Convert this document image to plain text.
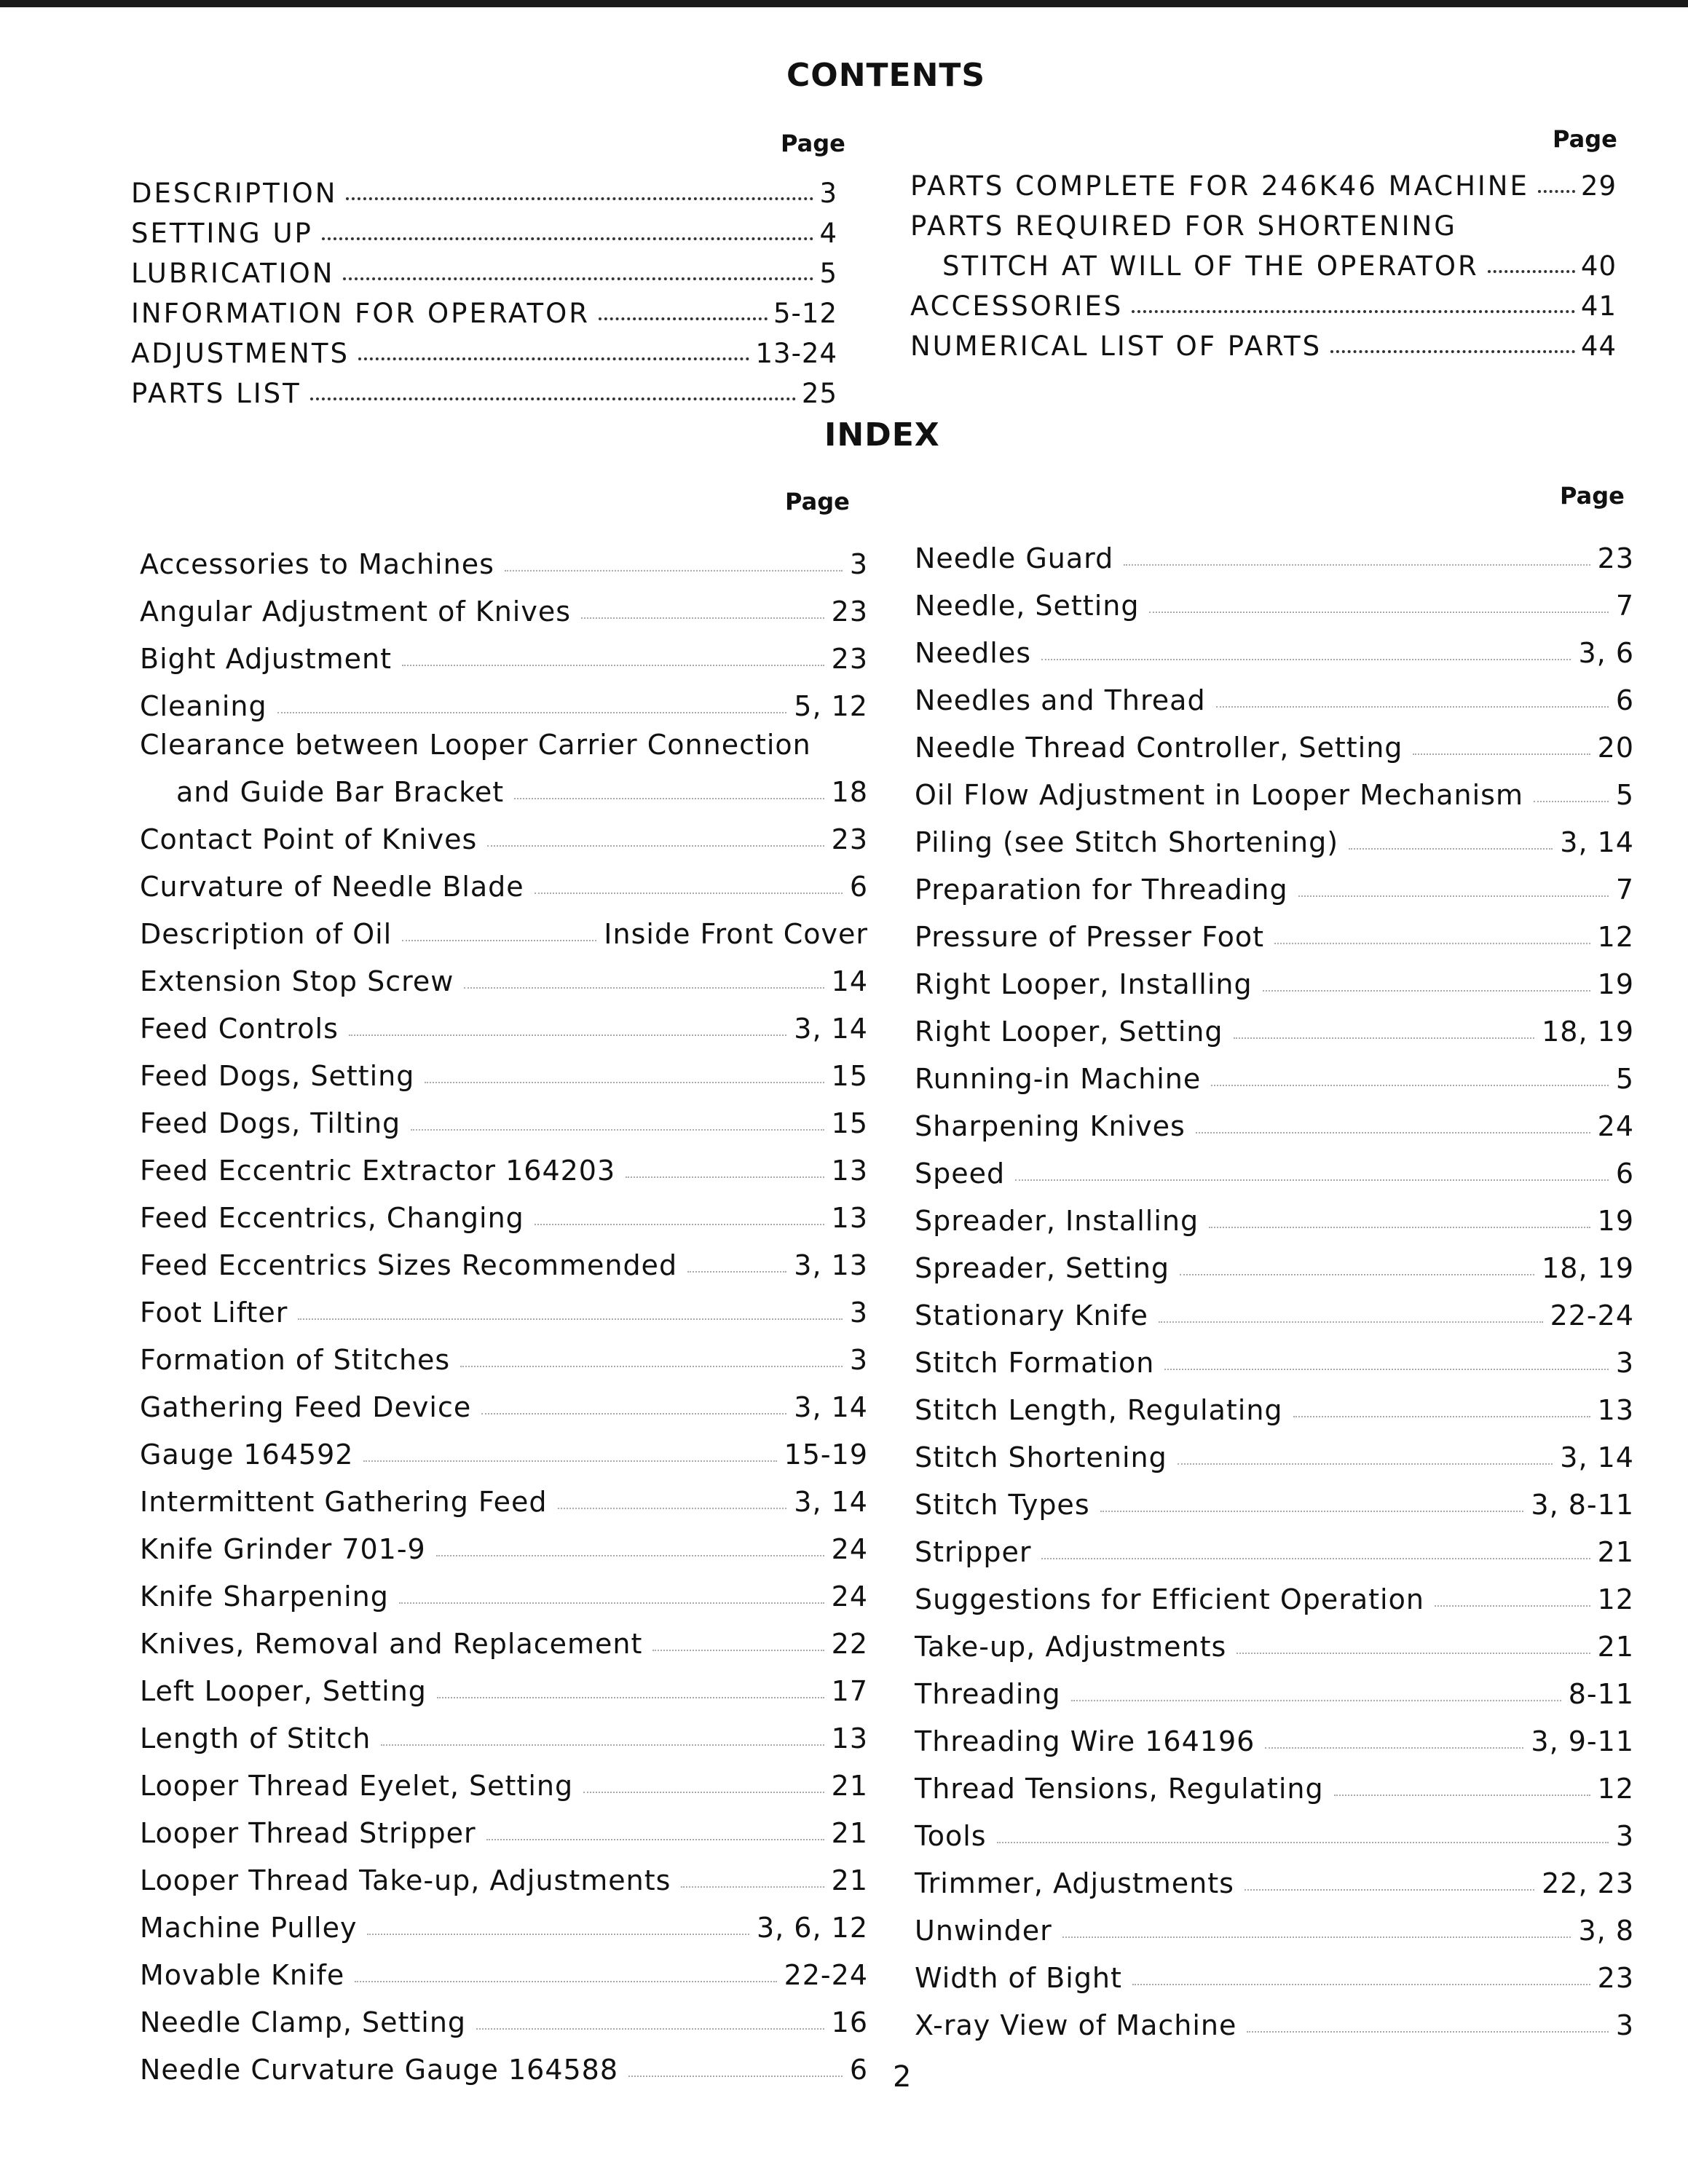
CONTENTS
Page	Page
DESCRIPTION	3
SETTING UP	4
LUBRICATION	5
INFORMATION FOR OPERATOR	5-12
ADJUSTMENTS	13-24
PARTS LIST	25
PARTS COMPLETE FOR 246K46 MACHINE 29
PARTS REQUIRED FOR SHORTENING
STITCH AT WILL OF THE OPERATOR	40
ACCESSORIES	41
NUMERICAL LIST OF PARTS	44
INDEX
Page	Page
Accessories to Machines	3
Angular Adjustment of Knives	23
Bight Adjustment	23
Cleaning	5, 12
Clearance between Looper Carrier Connection
and Guide Bar Bracket	18
Contact Point of Knives	23
Curvature of Needle Blade	6
Description of Oil	Inside Front Cover
Extension Stop Screw	14
Feed Controls	3, 14
Feed Dogs, Setting	15
Feed Dogs, Tilting	15
Feed Eccentric Extractor 164203	13
Feed Eccentrics, Changing	13
Feed Eccentrics Sizes Recommended	3, 13
Foot Lifter	3
Formation of Stitches	3
Gathering Feed Device	3, 14
Gauge 164592	15-19
Intermittent Gathering Feed	3, 14
Knife Grinder 701-9	24
Knife Sharpening	24
Knives, Removal and Replacement	22
Left Looper, Setting	17
Length of Stitch	13
Looper Thread Eyelet, Setting	21
Looper Thread Stripper	21
Looper Thread Take-up, Adjustments	21
Machine Pulley	3, 6, 12
Movable Knife	22-24
Needle Clamp, Setting	16
Needle Curvature Gauge 164588	6
Needle Guard	23
Needle, Setting	7
Needles	3, 6
Needles and Thread	6
Needle Thread Controller, Setting	20
Oil Flow Adjustment in Looper Mechanism	5
Piling (see Stitch Shortening)	3, 14
Preparation for Threading	7
Pressure of Presser Foot	12
Right Looper, Installing	19
Right Looper, Setting	18, 19
Running-in Machine	5
Sharpening Knives	24
Speed	6
Spreader, Installing	19
Spreader, Setting	18, 19
Stationary Knife	22-24
Stitch Formation	3
Stitch Length, Regulating	13
Stitch Shortening	3, 14
Stitch Types	3, 8-11
Stripper	21
Suggestions for Efficient Operation	12
Take-up, Adjustments	21
Threading	8-11
Threading Wire 164196	3, 9-11
Thread Tensions, Regulating	12
Tools	3
Trimmer, Adjustments	22, 23
Unwinder	3, 8
Width of Bight	23
X-ray View of Machine	3
2
